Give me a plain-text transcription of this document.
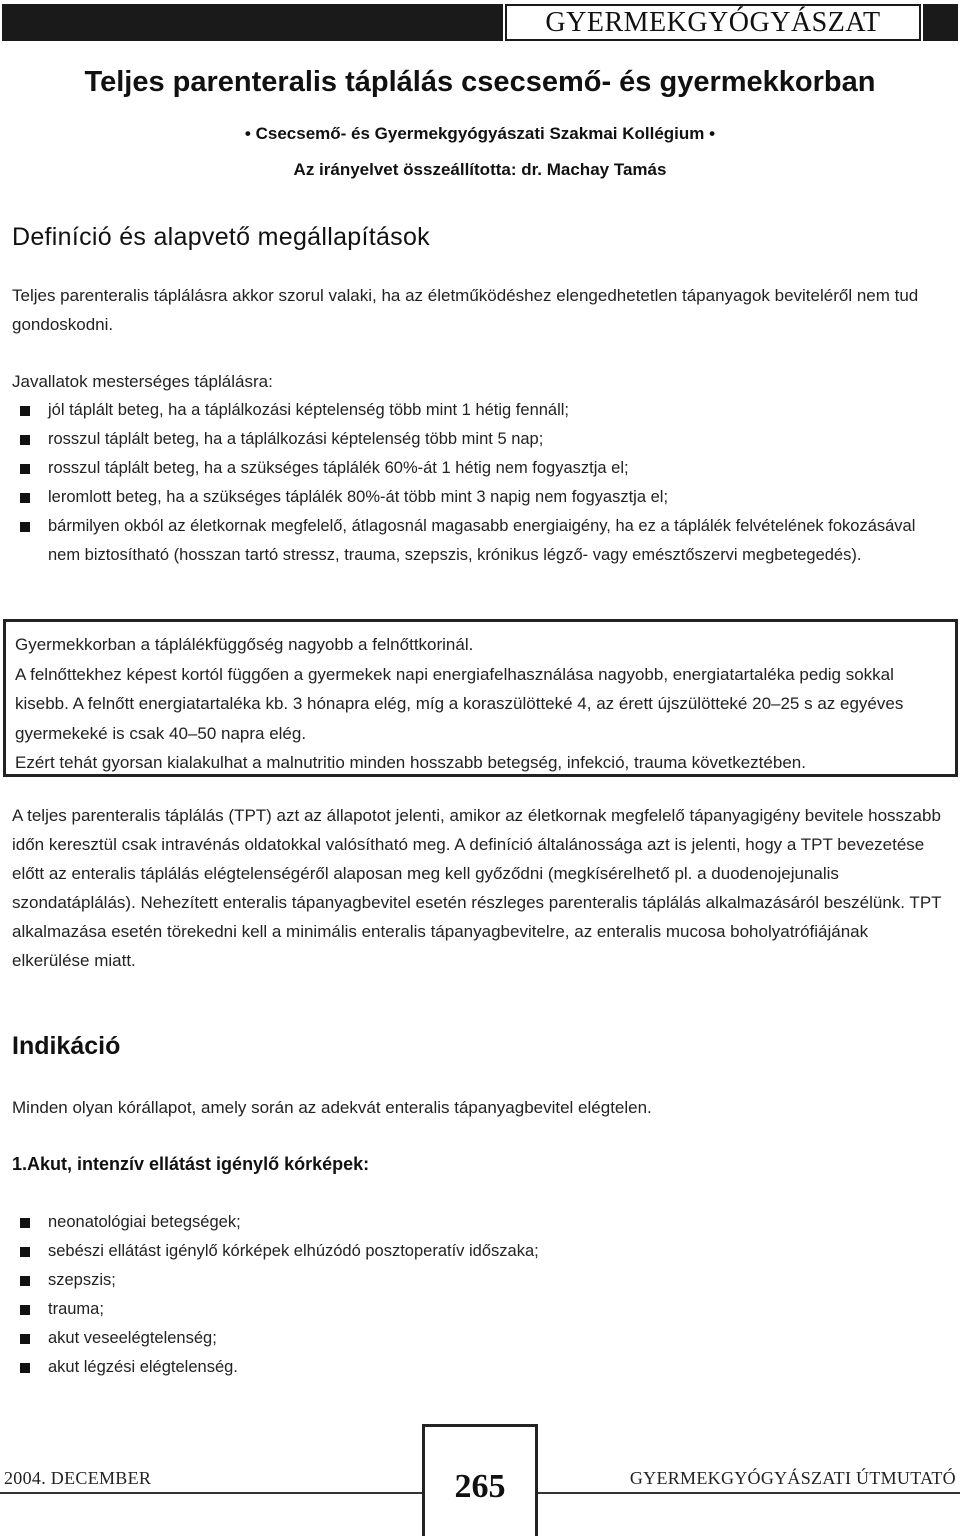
GYERMEKGYÓGYÁSZAT
Teljes parenteralis táplálás csecsemő- és gyermekkorban
• Csecsemő- és Gyermekgyógyászati Szakmai Kollégium •
Az irányelvet összeállította: dr. Machay Tamás
Definíció és alapvető megállapítások

Teljes parenteralis táplálásra akkor szorul valaki, ha az életműködéshez elengedhetetlen tápanyagok beviteléről nem tud gondoskodni.

Javallatok mesterséges táplálásra:

jól táplált beteg, ha a táplálkozási képtelenség több mint 1 hétig fennáll;
rosszul táplált beteg, ha a táplálkozási képtelenség több mint 5 nap;
rosszul táplált beteg, ha a szükséges táplálék 60%-át 1 hétig nem fogyasztja el;
leromlott beteg, ha a szükséges táplálék 80%-át több mint 3 napig nem fogyasztja el;
bármilyen okból az életkornak megfelelő, átlagosnál magasabb energiaigény, ha ez a táplálék felvételének fokozásával nem biztosítható (hosszan tartó stressz, trauma, szepszis, krónikus légző- vagy emésztőszervi megbetegedés).

Gyermekkorban a táplálékfüggőség nagyobb a felnőttkorinál.

A felnőttekhez képest kortól függően a gyermekek napi energiafelhasználása nagyobb, energiatartaléka pedig sokkal kisebb. A felnőtt energiatartaléka kb. 3 hónapra elég, míg a koraszülötteké 4, az érett újszülötteké 20–25 s az egyéves gyermekeké is csak 40–50 napra elég.

Ezért tehát gyorsan kialakulhat a malnutritio minden hosszabb betegség, infekció, trauma következtében.

A teljes parenteralis táplálás (TPT) azt az állapotot jelenti, amikor az életkornak megfelelő tápanyagigény bevitele hosszabb időn keresztül csak intravénás oldatokkal valósítható meg. A definíció általánossága azt is jelenti, hogy a TPT bevezetése előtt az enteralis táplálás elégtelenségéről alaposan meg kell győződni (megkísérelhető pl. a duodenojejunalis szondatáplálás). Nehezített enteralis tápanyagbevitel esetén részleges parenteralis táplálás alkalmazásáról beszélünk. TPT alkalmazása esetén törekedni kell a minimális enteralis tápanyagbevitelre, az enteralis mucosa boholyatrófiájának elkerülése miatt.

Indikáció

Minden olyan kórállapot, amely során az adekvát enteralis tápanyagbevitel elégtelen.

1.Akut, intenzív ellátást igénylő kórképek:
neonatológiai betegségek;
sebészi ellátást igénylő kórképek elhúzódó posztoperatív időszaka;
szepszis;
trauma;
akut veseelégtelenség;
akut légzési elégtelenség.
2004. DECEMBER	265	GYERMEKGYÓGYÁSZATI ÚTMUTATÓ
